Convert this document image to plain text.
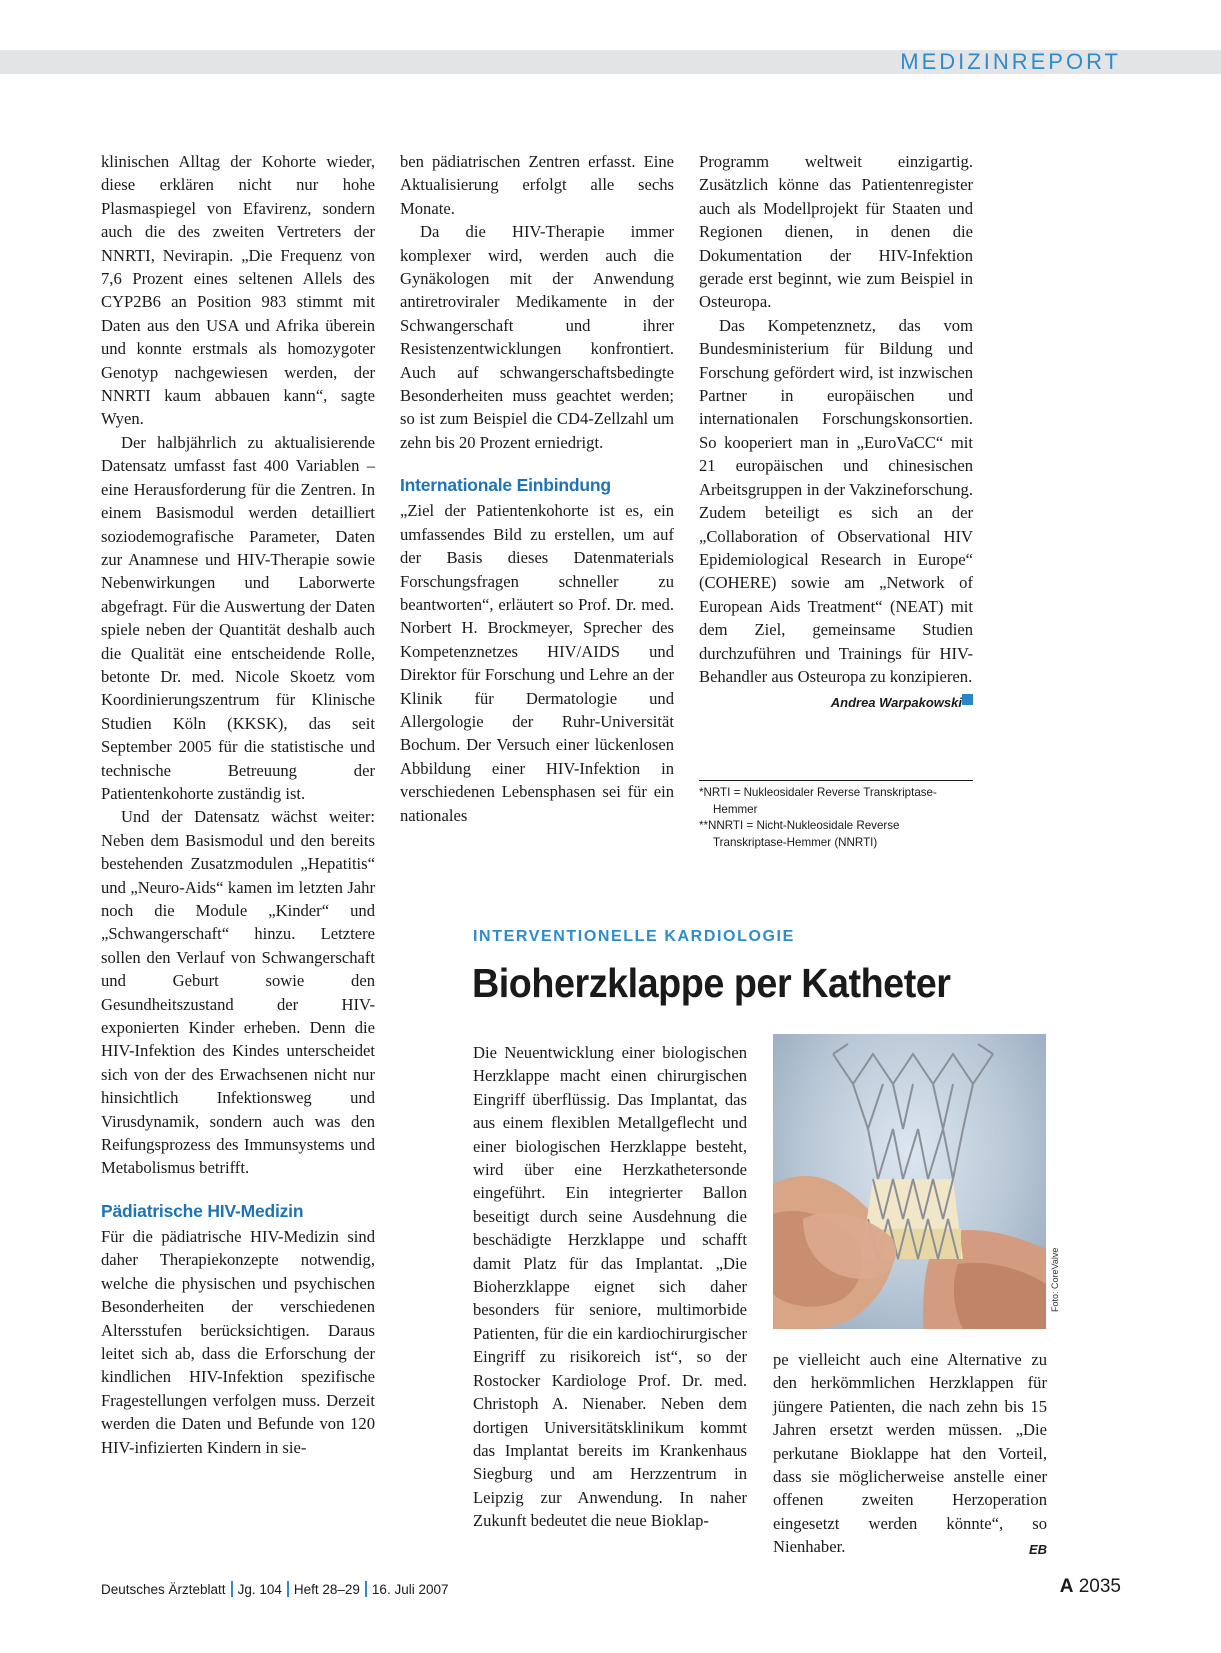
MEDIZINREPORT

klinischen Alltag der Kohorte wieder, diese erklären nicht nur hohe Plasmaspiegel von Efavirenz, sondern auch die des zweiten Vertreters der NNRTI, Nevirapin. „Die Frequenz von 7,6 Prozent eines seltenen Allels des CYP2B6 an Position 983 stimmt mit Daten aus den USA und Afrika überein und konnte erstmals als homozygoter Genotyp nachgewiesen werden, der NNRTI kaum abbauen kann“, sagte Wyen.

Der halbjährlich zu aktualisierende Datensatz umfasst fast 400 Variablen – eine Herausforderung für die Zentren. In einem Basismodul werden detailliert soziodemografische Parameter, Daten zur Anamnese und HIV-Therapie sowie Nebenwirkungen und Laborwerte abgefragt. Für die Auswertung der Daten spiele neben der Quantität deshalb auch die Qualität eine entscheidende Rolle, betonte Dr. med. Nicole Skoetz vom Koordinierungszentrum für Klinische Studien Köln (KKSK), das seit September 2005 für die statistische und technische Betreuung der Patientenkohorte zuständig ist.

Und der Datensatz wächst weiter: Neben dem Basismodul und den bereits bestehenden Zusatzmodulen „Hepatitis“ und „Neuro-Aids“ kamen im letzten Jahr noch die Module „Kinder“ und „Schwangerschaft“ hinzu. Letztere sollen den Verlauf von Schwangerschaft und Geburt sowie den Gesundheitszustand der HIV-exponierten Kinder erheben. Denn die HIV-Infektion des Kindes unterscheidet sich von der des Erwachsenen nicht nur hinsichtlich Infektionsweg und Virusdynamik, sondern auch was den Reifungsprozess des Immunsystems und Metabolismus betrifft.

Pädiatrische HIV-Medizin

Für die pädiatrische HIV-Medizin sind daher Therapiekonzepte notwendig, welche die physischen und psychischen Besonderheiten der verschiedenen Altersstufen berücksichtigen. Daraus leitet sich ab, dass die Erforschung der kindlichen HIV-Infektion spezifische Fragestellungen verfolgen muss. Derzeit werden die Daten und Befunde von 120 HIV-infizierten Kindern in sie-

ben pädiatrischen Zentren erfasst. Eine Aktualisierung erfolgt alle sechs Monate.

Da die HIV-Therapie immer komplexer wird, werden auch die Gynäkologen mit der Anwendung antiretroviraler Medikamente in der Schwangerschaft und ihrer Resistenzentwicklungen konfrontiert. Auch auf schwangerschaftsbedingte Besonderheiten muss geachtet werden; so ist zum Beispiel die CD4-Zellzahl um zehn bis 20 Prozent erniedrigt.

Internationale Einbindung

„Ziel der Patientenkohorte ist es, ein umfassendes Bild zu erstellen, um auf der Basis dieses Datenmaterials Forschungsfragen schneller zu beantworten“, erläutert so Prof. Dr. med. Norbert H. Brockmeyer, Sprecher des Kompetenznetzes HIV/AIDS und Direktor für Forschung und Lehre an der Klinik für Dermatologie und Allergologie der Ruhr-Universität Bochum. Der Versuch einer lückenlosen Abbildung einer HIV-Infektion in verschiedenen Lebensphasen sei für ein nationales

Programm weltweit einzigartig. Zusätzlich könne das Patientenregister auch als Modellprojekt für Staaten und Regionen dienen, in denen die Dokumentation der HIV-Infektion gerade erst beginnt, wie zum Beispiel in Osteuropa.

Das Kompetenznetz, das vom Bundesministerium für Bildung und Forschung gefördert wird, ist inzwischen Partner in europäischen und internationalen Forschungskonsortien. So kooperiert man in „EuroVaCC“ mit 21 europäischen und chinesischen Arbeitsgruppen in der Vakzineforschung. Zudem beteiligt es sich an der „Collaboration of Observational HIV Epidemiological Research in Europe“ (COHERE) sowie am „Network of European Aids Treatment“ (NEAT) mit dem Ziel, gemeinsame Studien durchzuführen und Trainings für HIV-Behandler aus Osteuropa zu konzipieren.

Andrea Warpakowski
*NRTI = Nukleosidaler Reverse Transkriptase-Hemmer
**NNRTI = Nicht-Nukleosidale Reverse Transkriptase-Hemmer (NNRTI)
INTERVENTIONELLE KARDIOLOGIE
Bioherzklappe per Katheter

Die Neuentwicklung einer biologischen Herzklappe macht einen chirurgischen Eingriff überflüssig. Das Implantat, das aus einem flexiblen Metallgeflecht und einer biologischen Herzklappe besteht, wird über eine Herzkathetersonde eingeführt. Ein integrierter Ballon beseitigt durch seine Ausdehnung die beschädigte Herzklappe und schafft damit Platz für das Implantat. „Die Bioherzklappe eignet sich daher besonders für seniore, multimorbide Patienten, für die ein kardiochirurgischer Eingriff zu risikoreich ist“, so der Rostocker Kardiologe Prof. Dr. med. Christoph A. Nienaber. Neben dem dortigen Universitätsklinikum kommt das Implantat bereits im Krankenhaus Siegburg und am Herzzentrum in Leipzig zur Anwendung. In naher Zukunft bedeutet die neue Bioklap-

Foto: CoreValve

pe vielleicht auch eine Alternative zu den herkömmlichen Herzklappen für jüngere Patienten, die nach zehn bis 15 Jahren ersetzt werden müssen. „Die perkutane Bioklappe hat den Vorteil, dass sie möglicherweise anstelle einer offenen zweiten Herzoperation eingesetzt werden könnte“, so Nienhaber.	EB

Deutsches Ärzteblatt Jg. 104 Heft 28–29 16. Juli 2007	A 2035
